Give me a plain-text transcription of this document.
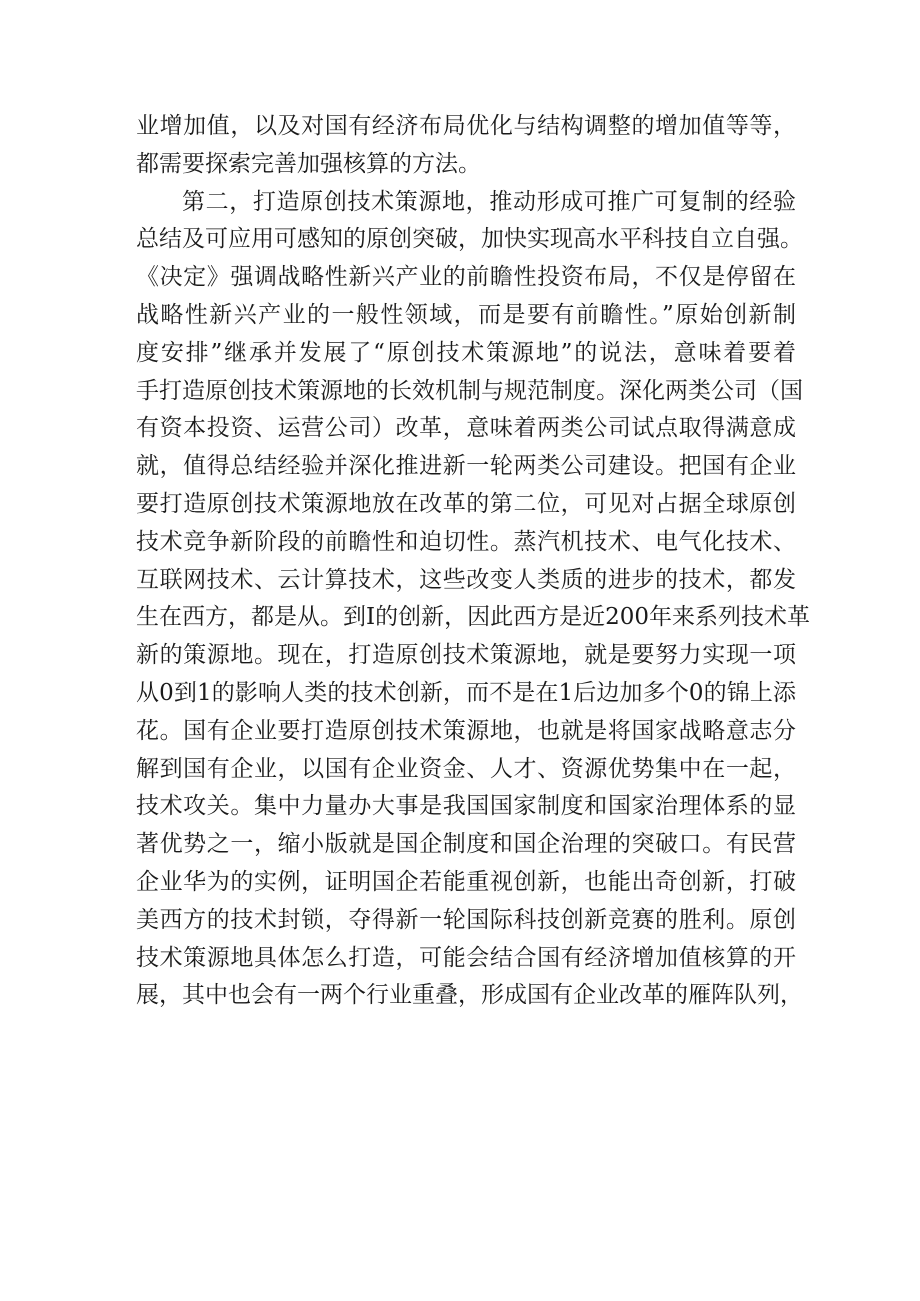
业增加值，以及对国有经济布局优化与结构调整的增加值等等，
都需要探索完善加强核算的方法。
第二，打造原创技术策源地，推动形成可推广可复制的经验
总结及可应用可感知的原创突破，加快实现高水平科技自立自强。
《决定》强调战略性新兴产业的前瞻性投资布局，不仅是停留在
战略性新兴产业的一般性领域，而是要有前瞻性。”原始创新制
度安排”继承并发展了“原创技术策源地”的说法，意味着要着
手打造原创技术策源地的长效机制与规范制度。深化两类公司（国
有资本投资、运营公司）改革，意味着两类公司试点取得满意成
就，值得总结经验并深化推进新一轮两类公司建设。把国有企业
要打造原创技术策源地放在改革的第二位，可见对占据全球原创
技术竞争新阶段的前瞻性和迫切性。蒸汽机技术、电气化技术、
互联网技术、云计算技术，这些改变人类质的进步的技术，都发
生在西方，都是从。到Ⅰ的创新，因此西方是近200年来系列技术革
新的策源地。现在，打造原创技术策源地，就是要努力实现一项
从0到1的影响人类的技术创新，而不是在1后边加多个0的锦上添
花。国有企业要打造原创技术策源地，也就是将国家战略意志分
解到国有企业，以国有企业资金、人才、资源优势集中在一起，
技术攻关。集中力量办大事是我国国家制度和国家治理体系的显
著优势之一，缩小版就是国企制度和国企治理的突破口。有民营
企业华为的实例，证明国企若能重视创新，也能出奇创新，打破
美西方的技术封锁，夺得新一轮国际科技创新竞赛的胜利。原创
技术策源地具体怎么打造，可能会结合国有经济增加值核算的开
展，其中也会有一两个行业重叠，形成国有企业改革的雁阵队列，
